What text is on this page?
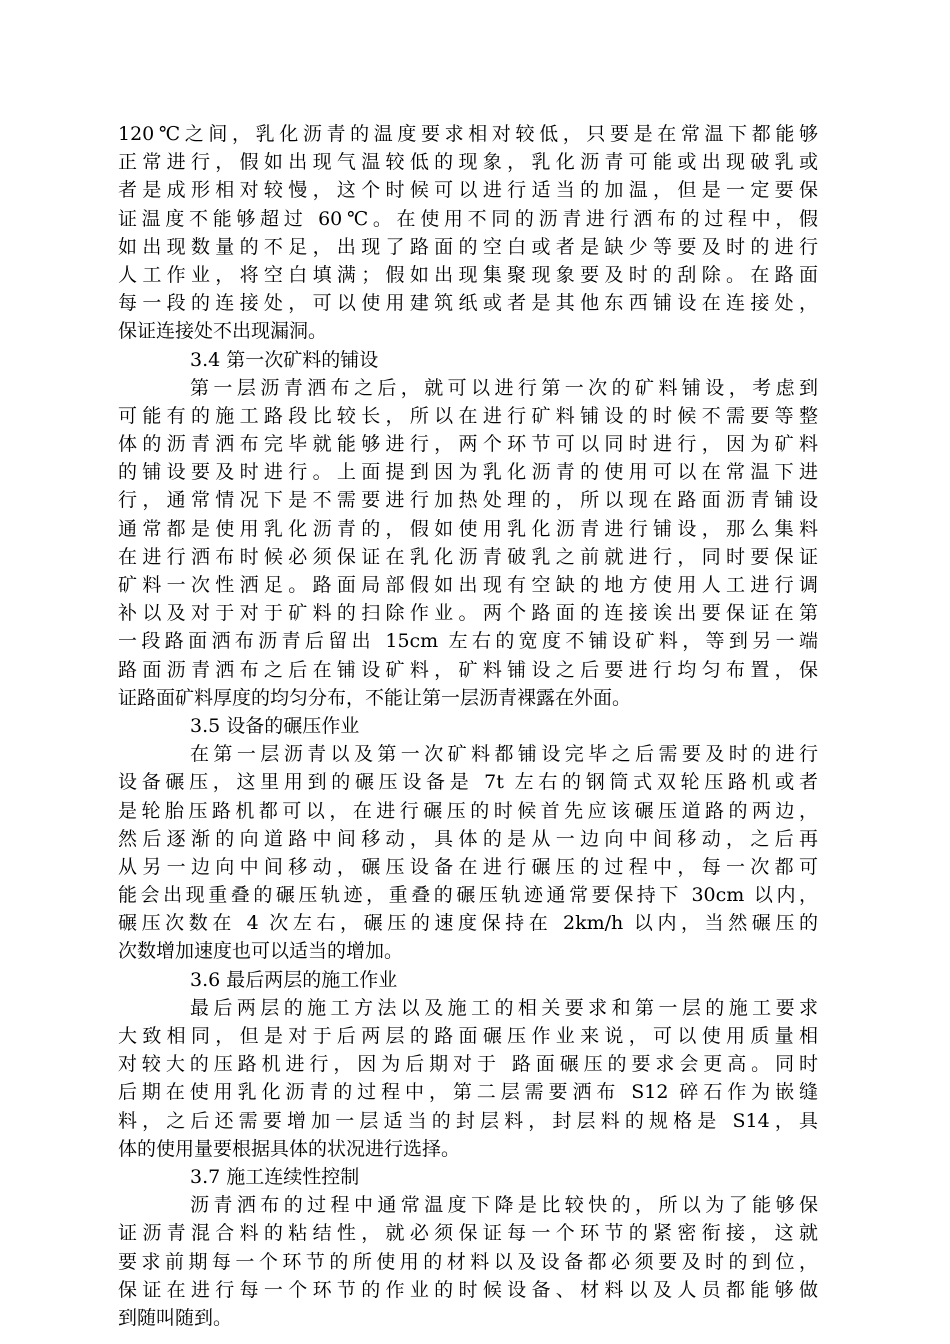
120℃之间，乳化沥青的温度要求相对较低，只要是在常温下都能够
正常进行，假如出现气温较低的现象，乳化沥青可能或出现破乳或
者是成形相对较慢，这个时候可以进行适当的加温，但是一定要保
证温度不能够超过 60℃。在使用不同的沥青进行洒布的过程中，假
如出现数量的不足，出现了路面的空白或者是缺少等要及时的进行
人工作业，将空白填满；假如出现集聚现象要及时的刮除。在路面
每一段的连接处，可以使用建筑纸或者是其他东西铺设在连接处，
保证连接处不出现漏洞。
3.4 第一次矿料的铺设
第一层沥青洒布之后，就可以进行第一次的矿料铺设，考虑到
可能有的施工路段比较长，所以在进行矿料铺设的时候不需要等整
体的沥青洒布完毕就能够进行，两个环节可以同时进行，因为矿料
的铺设要及时进行。上面提到因为乳化沥青的使用可以在常温下进
行，通常情况下是不需要进行加热处理的，所以现在路面沥青铺设
通常都是使用乳化沥青的，假如使用乳化沥青进行铺设，那么集料
在进行洒布时候必须保证在乳化沥青破乳之前就进行，同时要保证
矿料一次性洒足。路面局部假如出现有空缺的地方使用人工进行调
补以及对于对于矿料的扫除作业。两个路面的连接诶出要保证在第
一段路面洒布沥青后留出 15cm 左右的宽度不铺设矿料，等到另一端
路面沥青洒布之后在铺设矿料，矿料铺设之后要进行均匀布置，保
证路面矿料厚度的均匀分布，不能让第一层沥青裸露在外面。
3.5 设备的碾压作业
在第一层沥青以及第一次矿料都铺设完毕之后需要及时的进行
设备碾压，这里用到的碾压设备是 7t 左右的钢筒式双轮压路机或者
是轮胎压路机都可以，在进行碾压的时候首先应该碾压道路的两边，
然后逐渐的向道路中间移动，具体的是从一边向中间移动，之后再
从另一边向中间移动，碾压设备在进行碾压的过程中，每一次都可
能会出现重叠的碾压轨迹，重叠的碾压轨迹通常要保持下 30cm 以内，
碾压次数在 4 次左右，碾压的速度保持在 2km/h 以内，当然碾压的
次数增加速度也可以适当的增加。
3.6 最后两层的施工作业
最后两层的施工方法以及施工的相关要求和第一层的施工要求
大致相同，但是对于后两层的路面碾压作业来说，可以使用质量相
对较大的压路机进行，因为后期对于 路面碾压的要求会更高。同时
后期在使用乳化沥青的过程中，第二层需要洒布 S12 碎石作为嵌缝
料，之后还需要增加一层适当的封层料，封层料的规格是 S14，具
体的使用量要根据具体的状况进行选择。
3.7 施工连续性控制
沥青洒布的过程中通常温度下降是比较快的，所以为了能够保
证沥青混合料的粘结性，就必须保证每一个环节的紧密衔接，这就
要求前期每一个环节的所使用的材料以及设备都必须要及时的到位，
保证在进行每一个环节的作业的时候设备、材料以及人员都能够做
到随叫随到。
